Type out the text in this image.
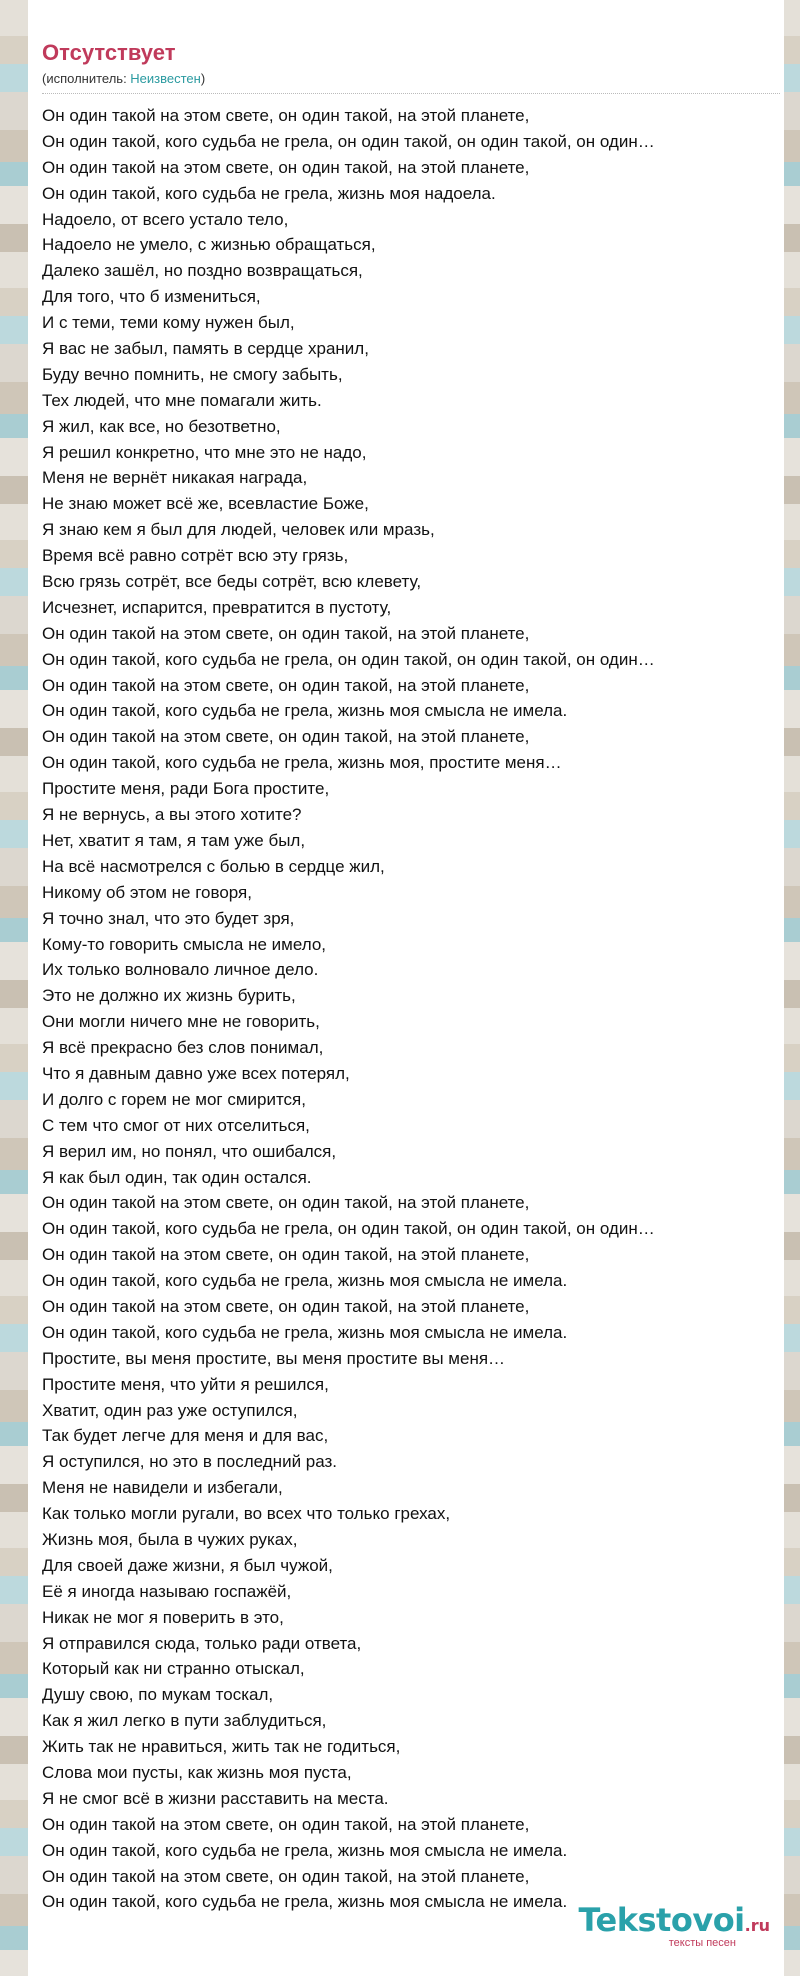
Отсутствует
(исполнитель: Неизвестен)
Он один такой на этом свете, он один такой, на этой планете,
Он один такой, кого судьба не грела, он один такой, он один такой, он один…
Он один такой на этом свете, он один такой, на этой планете,
Он один такой, кого судьба не грела, жизнь моя надоела.
Надоело, от всего устало тело,
Надоело не умело, с жизнью обращаться,
Далеко зашёл, но поздно возвращаться,
Для того, что б измениться,
И с теми, теми кому нужен был,
Я вас не забыл, память в сердце хранил,
Буду вечно помнить, не смогу забыть,
Тех людей, что мне помагали жить.
Я жил, как все, но безответно,
Я решил конкретно, что мне это не надо,
Меня не вернёт никакая награда,
Не знаю может всё же, всевластие Боже,
Я знаю кем я был для людей, человек или мразь,
Время всё равно сотрёт всю эту грязь,
Всю грязь сотрёт, все беды сотрёт, всю клевету,
Исчезнет, испарится, превратится в пустоту,
Он один такой на этом свете, он один такой, на этой планете,
Он один такой, кого судьба не грела, он один такой, он один такой, он один…
Он один такой на этом свете, он один такой, на этой планете,
Он один такой, кого судьба не грела, жизнь моя смысла не имела.
Он один такой на этом свете, он один такой, на этой планете,
Он один такой, кого судьба не грела, жизнь моя, простите меня…
Простите меня, ради Бога простите,
Я не вернусь, а вы этого хотите?
Нет, хватит я там, я там уже был,
На всё насмотрелся с болью в сердце жил,
Никому об этом не говоря,
Я точно знал, что это будет зря,
Кому-то говорить смысла не имело,
Их только волновало личное дело.
Это не должно их жизнь бурить,
Они могли ничего мне не говорить,
Я всё прекрасно без слов понимал,
Что я давным давно уже всех потерял,
И долго с горем не мог смирится,
С тем что смог от них отселиться,
Я верил им, но понял, что ошибался,
Я как был один, так один остался.
Он один такой на этом свете, он один такой, на этой планете,
Он один такой, кого судьба не грела, он один такой, он один такой, он один…
Он один такой на этом свете, он один такой, на этой планете,
Он один такой, кого судьба не грела, жизнь моя смысла не имела.
Он один такой на этом свете, он один такой, на этой планете,
Он один такой, кого судьба не грела, жизнь моя смысла не имела.
Простите, вы меня простите, вы меня простите вы меня…
Простите меня, что уйти я решился,
Хватит, один раз уже оступился,
Так будет легче для меня и для вас,
Я оступился, но это в последний раз.
Меня не навидели и избегали,
Как только могли ругали, во всех что только грехах,
Жизнь моя, была в чужих руках,
Для своей даже жизни, я был чужой,
Её я иногда называю госпажёй,
Никак не мог я поверить в это,
Я отправился сюда, только ради ответа,
Который как ни странно отыскал,
Душу свою, по мукам тоскал,
Как я жил легко в пути заблудиться,
Жить так не нравиться, жить так не годиться,
Слова мои пусты, как жизнь моя пуста,
Я не смог всё в жизни расставить на места.
Он один такой на этом свете, он один такой, на этой планете,
Он один такой, кого судьба не грела, жизнь моя смысла не имела.
Он один такой на этом свете, он один такой, на этой планете,
Он один такой, кого судьба не грела, жизнь моя смысла не имела. Tekstovoi.ru
тексты песен
